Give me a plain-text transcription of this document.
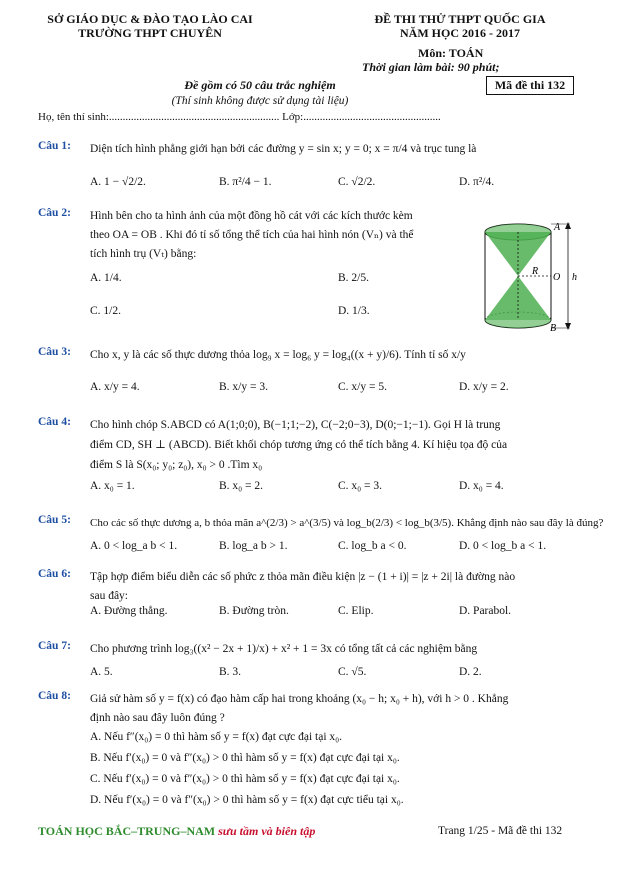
SỞ GIÁO DỤC & ĐÀO TẠO LÀO CAI
TRƯỜNG THPT CHUYÊN
ĐỀ THI THỬ THPT QUỐC GIA
NĂM HỌC 2016 - 2017
Môn: TOÁN
Thời gian làm bài: 90 phút;
Đề gồm có 50 câu trắc nghiệm	Mã đề thi 132
(Thí sinh không được sử dụng tài liệu)
Họ, tên thí sinh:.............................................................. Lớp:..................................................
Câu 1: Diện tích hình phẳng giới hạn bởi các đường y = sin x; y = 0; x = π/4 và trục tung là
A. 1 − √2/2.	B. π²/4 − 1.	C. √2/2.	D. π²/4.
Câu 2: Hình bên cho ta hình ảnh của một đồng hồ cát với các kích thước kèm
theo OA = OB . Khi đó tỉ số tổng thể tích của hai hình nón (Vₙ) và thể
tích hình trụ (Vₜ) bằng:
A. 1/4.	B. 2/5.
C. 1/2.	D. 1/3.
A
B
R
O h
Câu 3: Cho x, y là các số thực dương thỏa log₉ x = log₆ y = log₄((x + y)/6). Tính tỉ số x/y
A. x/y = 4.	B. x/y = 3.	C. x/y = 5.	D. x/y = 2.
Câu 4: Cho hình chóp S.ABCD có A(1;0;0), B(−1;1;−2), C(−2;0−3), D(0;−1;−1). Gọi H là trung
điểm CD, SH ⊥ (ABCD). Biết khối chóp tương ứng có thể tích bằng 4. Kí hiệu tọa độ của
điểm S là S(x₀; y₀; z₀), x₀ > 0 .Tìm x₀
A. x₀ = 1.	B. x₀ = 2.	C. x₀ = 3.	D. x₀ = 4.
Câu 5: Cho các số thực dương a, b thỏa mãn a^(2/3) > a^(3/5) và log_b(2/3) < log_b(3/5). Khẳng định nào sau đây là đúng?
A. 0 < log_a b < 1.	B. log_a b > 1.	C. log_b a < 0.	D. 0 < log_b a < 1.
Câu 6: Tập hợp điểm biểu diễn các số phức z thỏa mãn điều kiện |z − (1 + i)| = |z + 2i| là đường nào
sau đây:
A. Đường thẳng.	B. Đường tròn.	C. Elip.	D. Parabol.
Câu 7: Cho phương trình log₃((x² − 2x + 1)/x) + x² + 1 = 3x có tổng tất cả các nghiệm bằng
A. 5.	B. 3.	C. √5.	D. 2.
Câu 8: Giả sử hàm số y = f(x) có đạo hàm cấp hai trong khoảng (x₀ − h; x₀ + h), với h > 0 . Khẳng
định nào sau đây luôn đúng ?
A. Nếu f″(x₀) = 0 thì hàm số y = f(x) đạt cực đại tại x₀.
B. Nếu f′(x₀) = 0 và f″(x₀) > 0 thì hàm số y = f(x) đạt cực đại tại x₀.
C. Nếu f′(x₀) = 0 và f″(x₀) > 0 thì hàm số y = f(x) đạt cực đại tại x₀.
D. Nếu f′(x₀) = 0 và f″(x₀) > 0 thì hàm số y = f(x) đạt cực tiểu tại x₀.
TOÁN HỌC BẮC–TRUNG–NAM sưu tầm và biên tập	Trang 1/25 - Mã đề thi 132
